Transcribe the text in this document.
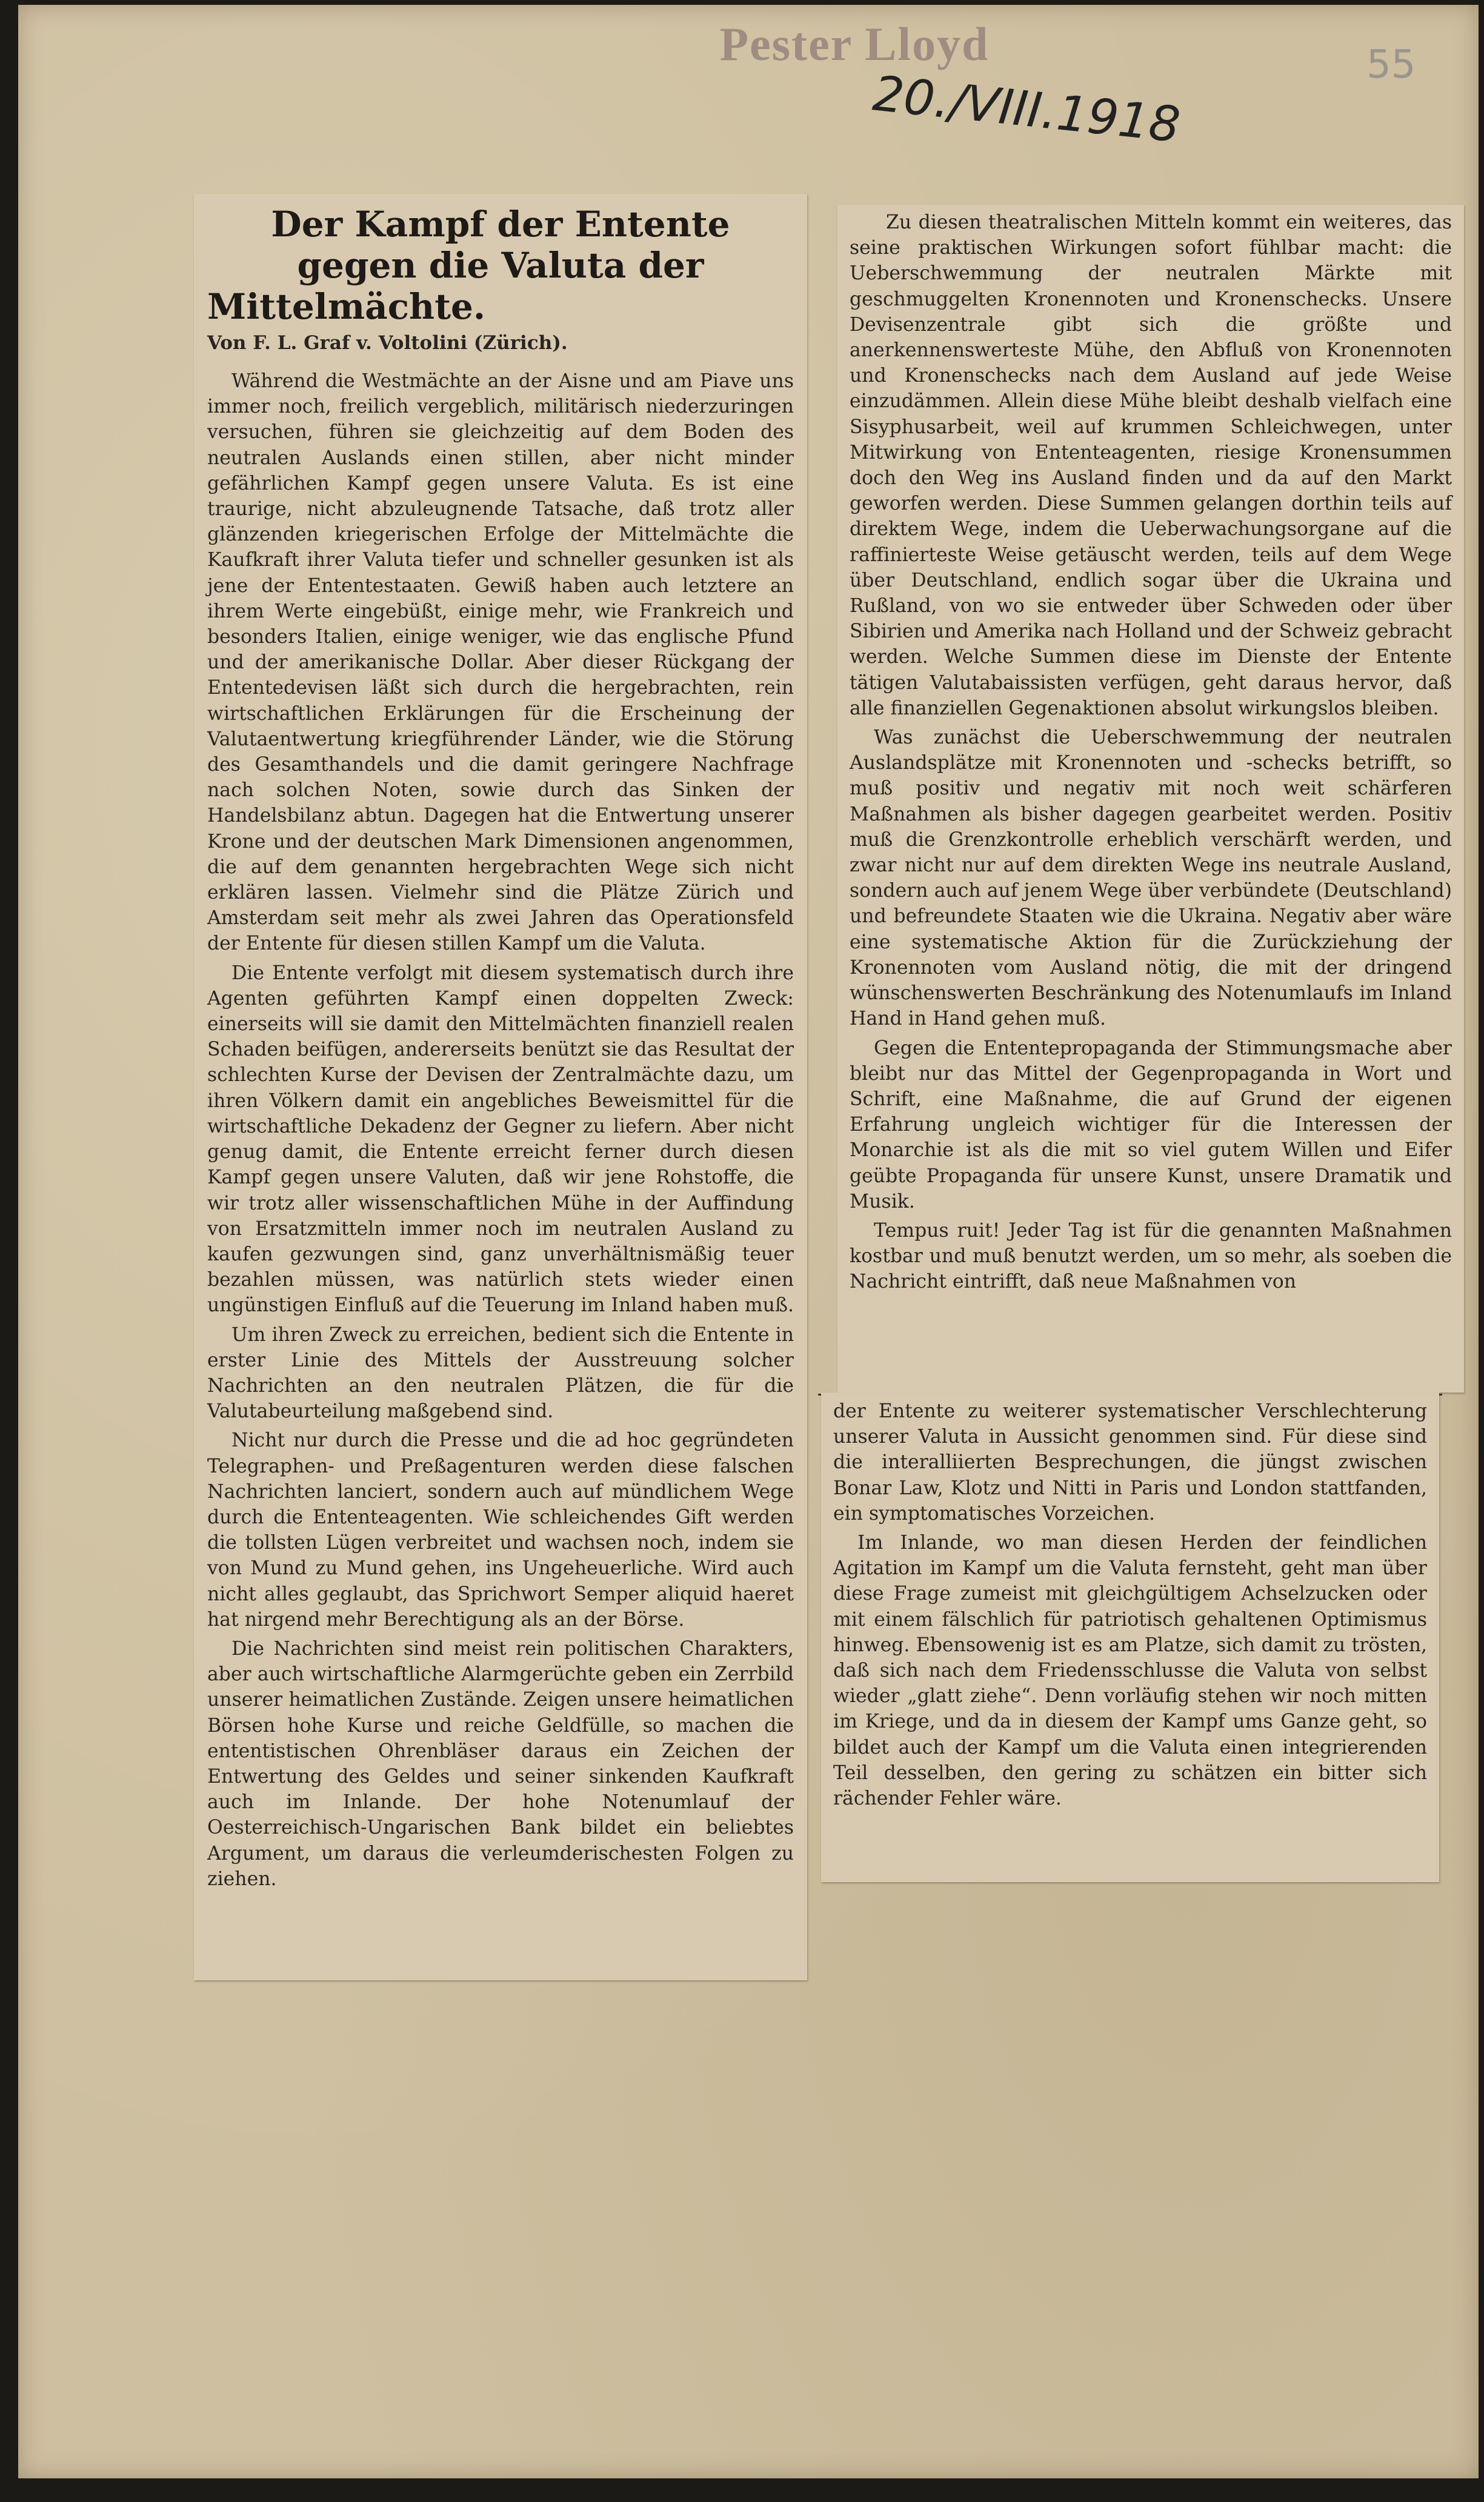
Pester Lloyd
20./VIII.1918
55
Der Kampf der Entente gegen die Valuta der Mittelmächte.
Von F. L. Graf v. Voltolini (Zürich).

Während die Westmächte an der Aisne und am Piave uns immer noch, freilich vergeblich, militärisch niederzuringen versuchen, führen sie gleichzeitig auf dem Boden des neutralen Auslands einen stillen, aber nicht minder gefährlichen Kampf gegen unsere Valuta. Es ist eine traurige, nicht abzuleugnende Tatsache, daß trotz aller glänzenden kriegerischen Erfolge der Mittelmächte die Kaufkraft ihrer Valuta tiefer und schneller gesunken ist als jene der Ententestaaten. Gewiß haben auch letztere an ihrem Werte eingebüßt, einige mehr, wie Frankreich und besonders Italien, einige weniger, wie das englische Pfund und der amerikanische Dollar. Aber dieser Rückgang der Ententedevisen läßt sich durch die hergebrachten, rein wirtschaftlichen Erklärungen für die Erscheinung der Valutaentwertung kriegführender Länder, wie die Störung des Gesamthandels und die damit geringere Nachfrage nach solchen Noten, sowie durch das Sinken der Handelsbilanz abtun. Dagegen hat die Entwertung unserer Krone und der deutschen Mark Dimensionen angenommen, die auf dem genannten hergebrachten Wege sich nicht erklären lassen. Vielmehr sind die Plätze Zürich und Amsterdam seit mehr als zwei Jahren das Operationsfeld der Entente für diesen stillen Kampf um die Valuta.

Die Entente verfolgt mit diesem systematisch durch ihre Agenten geführten Kampf einen doppelten Zweck: einerseits will sie damit den Mittelmächten finanziell realen Schaden beifügen, andererseits benützt sie das Resultat der schlechten Kurse der Devisen der Zentralmächte dazu, um ihren Völkern damit ein angebliches Beweismittel für die wirtschaftliche Dekadenz der Gegner zu liefern. Aber nicht genug damit, die Entente erreicht ferner durch diesen Kampf gegen unsere Valuten, daß wir jene Rohstoffe, die wir trotz aller wissenschaftlichen Mühe in der Auffindung von Ersatzmitteln immer noch im neutralen Ausland zu kaufen gezwungen sind, ganz unverhältnismäßig teuer bezahlen müssen, was natürlich stets wieder einen ungünstigen Einfluß auf die Teuerung im Inland haben muß.

Um ihren Zweck zu erreichen, bedient sich die Entente in erster Linie des Mittels der Ausstreuung solcher Nachrichten an den neutralen Plätzen, die für die Valutabeurteilung maßgebend sind.

Nicht nur durch die Presse und die ad hoc gegründeten Telegraphen- und Preßagenturen werden diese falschen Nachrichten lanciert, sondern auch auf mündlichem Wege durch die Ententeagenten. Wie schleichendes Gift werden die tollsten Lügen verbreitet und wachsen noch, indem sie von Mund zu Mund gehen, ins Ungeheuerliche. Wird auch nicht alles geglaubt, das Sprichwort Semper aliquid haeret hat nirgend mehr Berechtigung als an der Börse.

Die Nachrichten sind meist rein politischen Charakters, aber auch wirtschaftliche Alarmgerüchte geben ein Zerrbild unserer heimatlichen Zustände. Zeigen unsere heimatlichen Börsen hohe Kurse und reiche Geldfülle, so machen die ententistischen Ohrenbläser daraus ein Zeichen der Entwertung des Geldes und seiner sinkenden Kaufkraft auch im Inlande. Der hohe Notenumlauf der Oesterreichisch-Ungarischen Bank bildet ein beliebtes Argument, um daraus die verleumderischesten Folgen zu ziehen.

Zu diesen theatralischen Mitteln kommt ein weiteres, das seine praktischen Wirkungen sofort fühlbar macht: die Ueberschwemmung der neutralen Märkte mit geschmuggelten Kronennoten und Kronenschecks. Unsere Devisenzentrale gibt sich die größte und anerkennenswerteste Mühe, den Abfluß von Kronennoten und Kronenschecks nach dem Ausland auf jede Weise einzudämmen. Allein diese Mühe bleibt deshalb vielfach eine Sisyphusarbeit, weil auf krummen Schleichwegen, unter Mitwirkung von Ententeagenten, riesige Kronensummen doch den Weg ins Ausland finden und da auf den Markt geworfen werden. Diese Summen gelangen dorthin teils auf direktem Wege, indem die Ueberwachungsorgane auf die raffinierteste Weise getäuscht werden, teils auf dem Wege über Deutschland, endlich sogar über die Ukraina und Rußland, von wo sie entweder über Schweden oder über Sibirien und Amerika nach Holland und der Schweiz gebracht werden. Welche Summen diese im Dienste der Entente tätigen Valutabaissisten verfügen, geht daraus hervor, daß alle finanziellen Gegenaktionen absolut wirkungslos bleiben.

Was zunächst die Ueberschwemmung der neutralen Auslandsplätze mit Kronennoten und -schecks betrifft, so muß positiv und negativ mit noch weit schärferen Maßnahmen als bisher dagegen gearbeitet werden. Positiv muß die Grenzkontrolle erheblich verschärft werden, und zwar nicht nur auf dem direkten Wege ins neutrale Ausland, sondern auch auf jenem Wege über verbündete (Deutschland) und befreundete Staaten wie die Ukraina. Negativ aber wäre eine systematische Aktion für die Zurückziehung der Kronennoten vom Ausland nötig, die mit der dringend wünschenswerten Beschränkung des Notenumlaufs im Inland Hand in Hand gehen muß.

Gegen die Ententepropaganda der Stimmungsmache aber bleibt nur das Mittel der Gegenpropaganda in Wort und Schrift, eine Maßnahme, die auf Grund der eigenen Erfahrung ungleich wichtiger für die Interessen der Monarchie ist als die mit so viel gutem Willen und Eifer geübte Propaganda für unsere Kunst, unsere Dramatik und Musik.

Tempus ruit! Jeder Tag ist für die genannten Maßnahmen kostbar und muß benutzt werden, um so mehr, als soeben die Nachricht eintrifft, daß neue Maßnahmen von

der Entente zu weiterer systematischer Verschlechterung unserer Valuta in Aussicht genommen sind. Für diese sind die interalliierten Besprechungen, die jüngst zwischen Bonar Law, Klotz und Nitti in Paris und London stattfanden, ein symptomatisches Vorzeichen.

Im Inlande, wo man diesen Herden der feindlichen Agitation im Kampf um die Valuta fernsteht, geht man über diese Frage zumeist mit gleichgültigem Achselzucken oder mit einem fälschlich für patriotisch gehaltenen Optimismus hinweg. Ebensowenig ist es am Platze, sich damit zu trösten, daß sich nach dem Friedensschlusse die Valuta von selbst wieder „glatt ziehe“. Denn vorläufig stehen wir noch mitten im Kriege, und da in diesem der Kampf ums Ganze geht, so bildet auch der Kampf um die Valuta einen integrierenden Teil desselben, den gering zu schätzen ein bitter sich rächender Fehler wäre.
